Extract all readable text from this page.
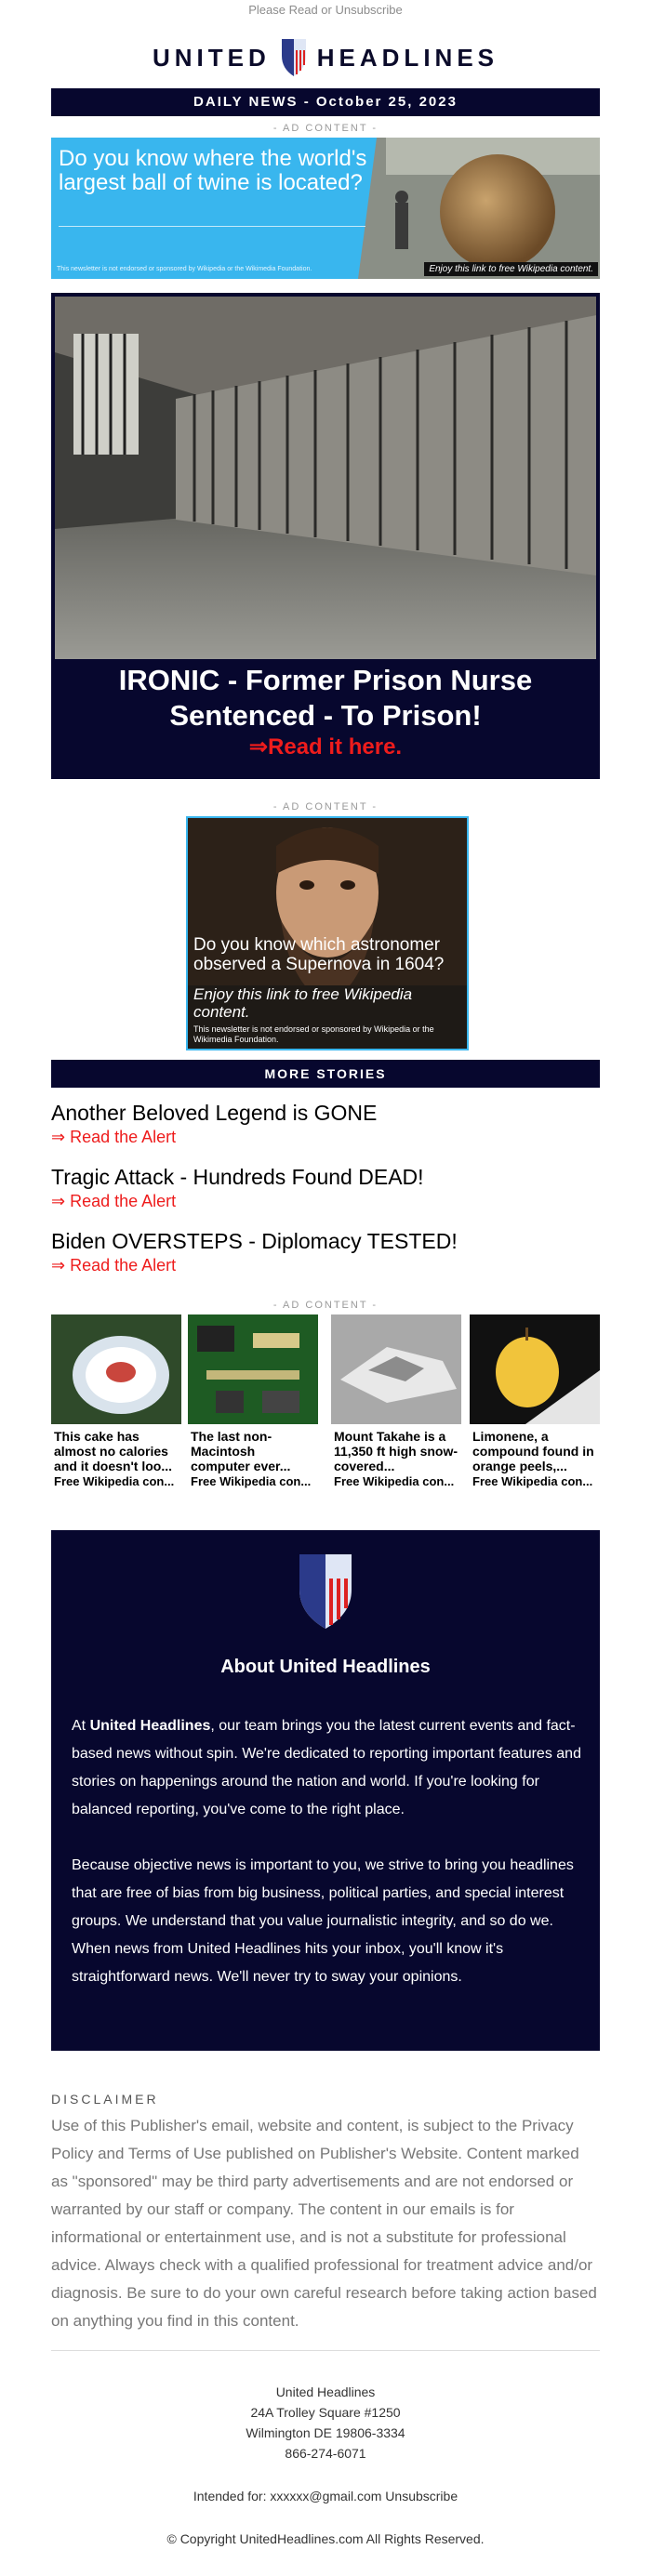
Please Read or Unsubscribe
UNITED HEADLINES
DAILY NEWS - October 25, 2023
- AD CONTENT -
Do you know where the world's largest ball of twine is located?
This newsletter is not endorsed or sponsored by Wikipedia or the Wikimedia Foundation.	Enjoy this link to free Wikipedia content.
IRONIC - Former Prison Nurse Sentenced - To Prison!
⇒Read it here.
- AD CONTENT -
Do you know which astronomer observed a Supernova in 1604?
Enjoy this link to free Wikipedia content.
This newsletter is not endorsed or sponsored by Wikipedia or the Wikimedia Foundation.
MORE STORIES
Another Beloved Legend is GONE
⇒ Read the Alert
Tragic Attack - Hundreds Found DEAD!
⇒ Read the Alert
Biden OVERSTEPS - Diplomacy TESTED!
⇒ Read the Alert
- AD CONTENT -
This cake has almost no calories and it doesn't loo...
Free Wikipedia con...
The last non-Macintosh computer ever...
Free Wikipedia con...
Mount Takahe is a 11,350 ft high snow-covered...
Free Wikipedia con...
Limonene, a compound found in orange peels,...
Free Wikipedia con...
About United Headlines

At United Headlines, our team brings you the latest current events and fact-based news without spin. We're dedicated to reporting important features and stories on happenings around the nation and world. If you're looking for balanced reporting, you've come to the right place.

Because objective news is important to you, we strive to bring you headlines that are free of bias from big business, political parties, and special interest groups. We understand that you value journalistic integrity, and so do we. When news from United Headlines hits your inbox, you'll know it's straightforward news. We'll never try to sway your opinions.

DISCLAIMER
Use of this Publisher's email, website and content, is subject to the Privacy Policy and Terms of Use published on Publisher's Website. Content marked as "sponsored" may be third party advertisements and are not endorsed or warranted by our staff or company. The content in our emails is for informational or entertainment use, and is not a substitute for professional advice. Always check with a qualified professional for treatment advice and/or diagnosis. Be sure to do your own careful research before taking action based on anything you find in this content.
United Headlines
24A Trolley Square #1250
Wilmington DE 19806-3334
866-274-6071
Intended for: xxxxxx@gmail.com Unsubscribe
© Copyright UnitedHeadlines.com All Rights Reserved.
